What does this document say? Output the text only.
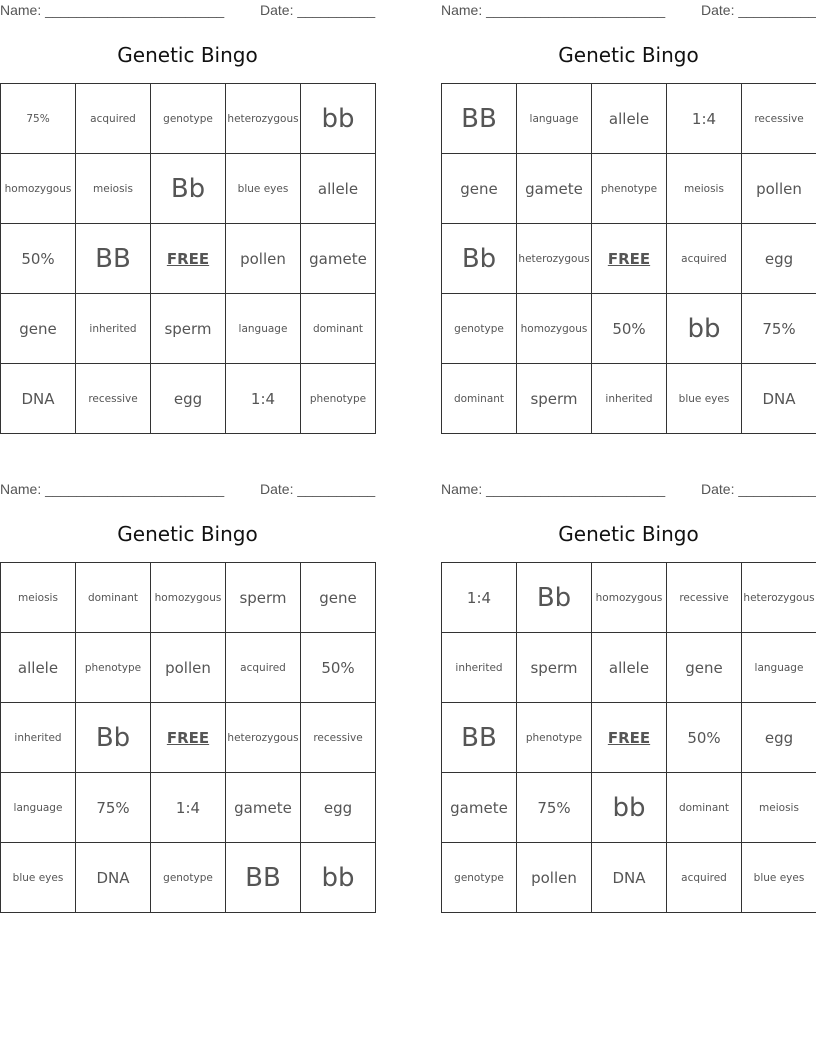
Name: _______________________	Date: __________
Genetic Bingo
75%	acquired	genotype	heterozygous	bb
homozygous	meiosis	Bb	blue eyes	allele
50%	BB	FREE	pollen	gamete
gene	inherited	sperm	language	dominant
DNA	recessive	egg	1:4	phenotype
Name: _______________________	Date: __________
Genetic Bingo
BB	language	allele	1:4	recessive
gene	gamete	phenotype	meiosis	pollen
Bb	heterozygous	FREE	acquired	egg
genotype	homozygous	50%	bb	75%
dominant	sperm	inherited	blue eyes	DNA
Name: _______________________	Date: __________
Genetic Bingo
meiosis	dominant	homozygous	sperm	gene
allele	phenotype	pollen	acquired	50%
inherited	Bb	FREE	heterozygous	recessive
language	75%	1:4	gamete	egg
blue eyes	DNA	genotype	BB	bb
Name: _______________________	Date: __________
Genetic Bingo
1:4	Bb	homozygous	recessive	heterozygous
inherited	sperm	allele	gene	language
BB	phenotype	FREE	50%	egg
gamete	75%	bb	dominant	meiosis
genotype	pollen	DNA	acquired	blue eyes
